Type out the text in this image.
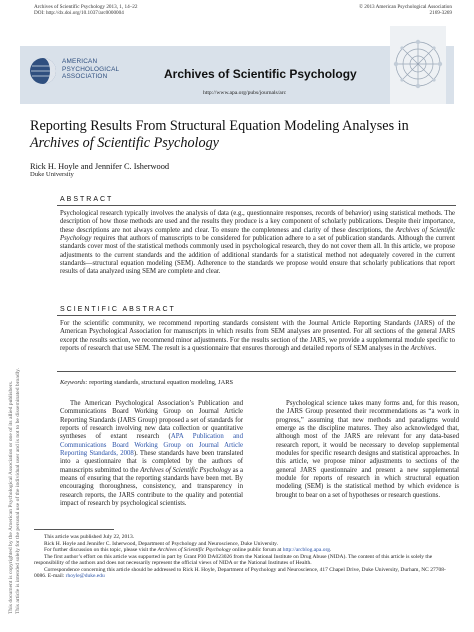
Archives of Scientific Psychology 2013, 1, 14–22
DOI: http://dx.doi.org/10.1037/arc0000004
© 2013 American Psychological Association
2169-3269
AMERICAN
PSYCHOLOGICAL
ASSOCIATION	Archives of Scientific Psychology
http://www.apa.org/pubs/journals/arc
This document is copyrighted by the American Psychological Association or one of its allied publishers. This article is intended solely for the personal use of the individual user and is not to be disseminated broadly.
Reporting Results From Structural Equation Modeling Analyses in Archives of Scientific Psychology
Rick H. Hoyle and Jennifer C. Isherwood
Duke University
ABSTRACT
Psychological research typically involves the analysis of data (e.g., questionnaire responses, records of behavior) using statistical methods. The description of how those methods are used and the results they produce is a key component of scholarly publications. Despite their importance, these descriptions are not always complete and clear. To ensure the completeness and clarity of these descriptions, the Archives of Scientific Psychology requires that authors of manuscripts to be considered for publication adhere to a set of publication standards. Although the current standards cover most of the statistical methods commonly used in psychological research, they do not cover them all. In this article, we propose adjustments to the current standards and the addition of additional standards for a statistical method not adequately covered in the current standards—structural equation modeling (SEM). Adherence to the standards we propose would ensure that scholarly publications that report results of data analyzed using SEM are complete and clear.
SCIENTIFIC ABSTRACT
For the scientific community, we recommend reporting standards consistent with the Journal Article Reporting Standards (JARS) of the American Psychological Association for manuscripts in which results from SEM analyses are presented. For all sections of the general JARS except the results section, we recommend minor adjustments. For the results section of the JARS, we provide a supplemental module specific to reports of research that use SEM. The result is a questionnaire that ensures thorough and detailed reports of SEM analyses in the Archives.
Keywords: reporting standards, structural equation modeling, JARS
The American Psychological Association’s Publication and Communications Board Working Group on Journal Article Reporting Standards (JARS Group) proposed a set of standards for reports of research involving new data collection or quantitative syntheses of extant research (APA Publication and Communications Board Working Group on Journal Article Reporting Standards, 2008). These standards have been translated into a questionnaire that is completed by the authors of manuscripts submitted to the Archives of Scientific Psychology as a means of ensuring that the reporting standards have been met. By encouraging thoroughness, consistency, and transparency in research reports, the JARS contribute to the quality and potential impact of research by psychological scientists.
Psychological science takes many forms and, for this reason, the JARS Group presented their recommendations as “a work in progress,” assuming that new methods and paradigms would emerge as the discipline matures. They also acknowledged that, although most of the JARS are relevant for any data-based research report, it would be necessary to develop supplemental modules for specific research designs and statistical approaches. In this article, we propose minor adjustments to sections of the general JARS questionnaire and present a new supplemental module for reports of research in which structural equation modeling (SEM) is the statistical method by which evidence is brought to bear on a set of hypotheses or research questions.
This article was published July 22, 2013.
Rick H. Hoyle and Jennifer C. Isherwood, Department of Psychology and Neuroscience, Duke University.
For further discussion on this topic, please visit the Archives of Scientific Psychology online public forum at http://arcblog.apa.org.
The first author’s effort on this article was supported in part by Grant P30 DA023026 from the National Institute on Drug Abuse (NIDA). The content of this article is solely the responsibility of the authors and does not necessarily represent the official views of NIDA or the National Institutes of Health.
Correspondence concerning this article should be addressed to Rick H. Hoyle, Department of Psychology and Neuroscience, 417 Chapel Drive, Duke University, Durham, NC 27708-0086. E-mail: rhoyle@duke.edu
